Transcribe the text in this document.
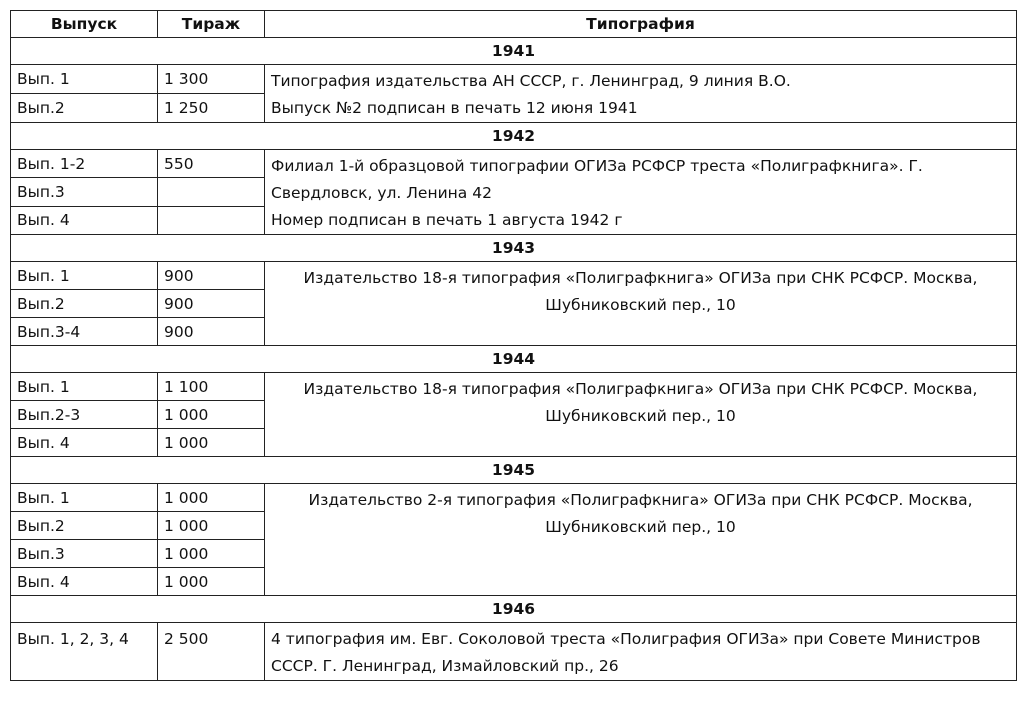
Выпуск	Тираж	Типография
1941		
Вып. 1	1 300	Типография издательства АН СССР, г. Ленинград, 9 линия В.О.
Выпуск №2 подписан в печать 12 июня 1941

Вып.2	1 250	
1942		
Вып. 1-2	550	Филиал 1-й образцовой типографии ОГИЗа РСФСР треста «Полиграфкнига». Г.
Свердловск, ул. Ленина 42
Номер подписан в печать 1 августа 1942 г

Вып.3		
Вып. 4		
1943		
Вып. 1	900	Издательство 18-я типография «Полиграфкнига» ОГИЗа при СНК РСФСР. Москва,
Шубниковский пер., 10

Вып.2	900	
Вып.3-4	900	
1944		
Вып. 1	1 100	Издательство 18-я типография «Полиграфкнига» ОГИЗа при СНК РСФСР. Москва,
Шубниковский пер., 10

Вып.2-3	1 000	
Вып. 4	1 000	
1945		
Вып. 1	1 000	Издательство 2-я типография «Полиграфкнига» ОГИЗа при СНК РСФСР. Москва,
Шубниковский пер., 10

Вып.2	1 000	
Вып.3	1 000	
Вып. 4	1 000	
1946		
Вып. 1, 2, 3, 4	2 500	4 типография им. Евг. Соколовой треста «Полиграфия ОГИЗа» при Совете Министров
СССР. Г. Ленинград, Измайловский пр., 26
